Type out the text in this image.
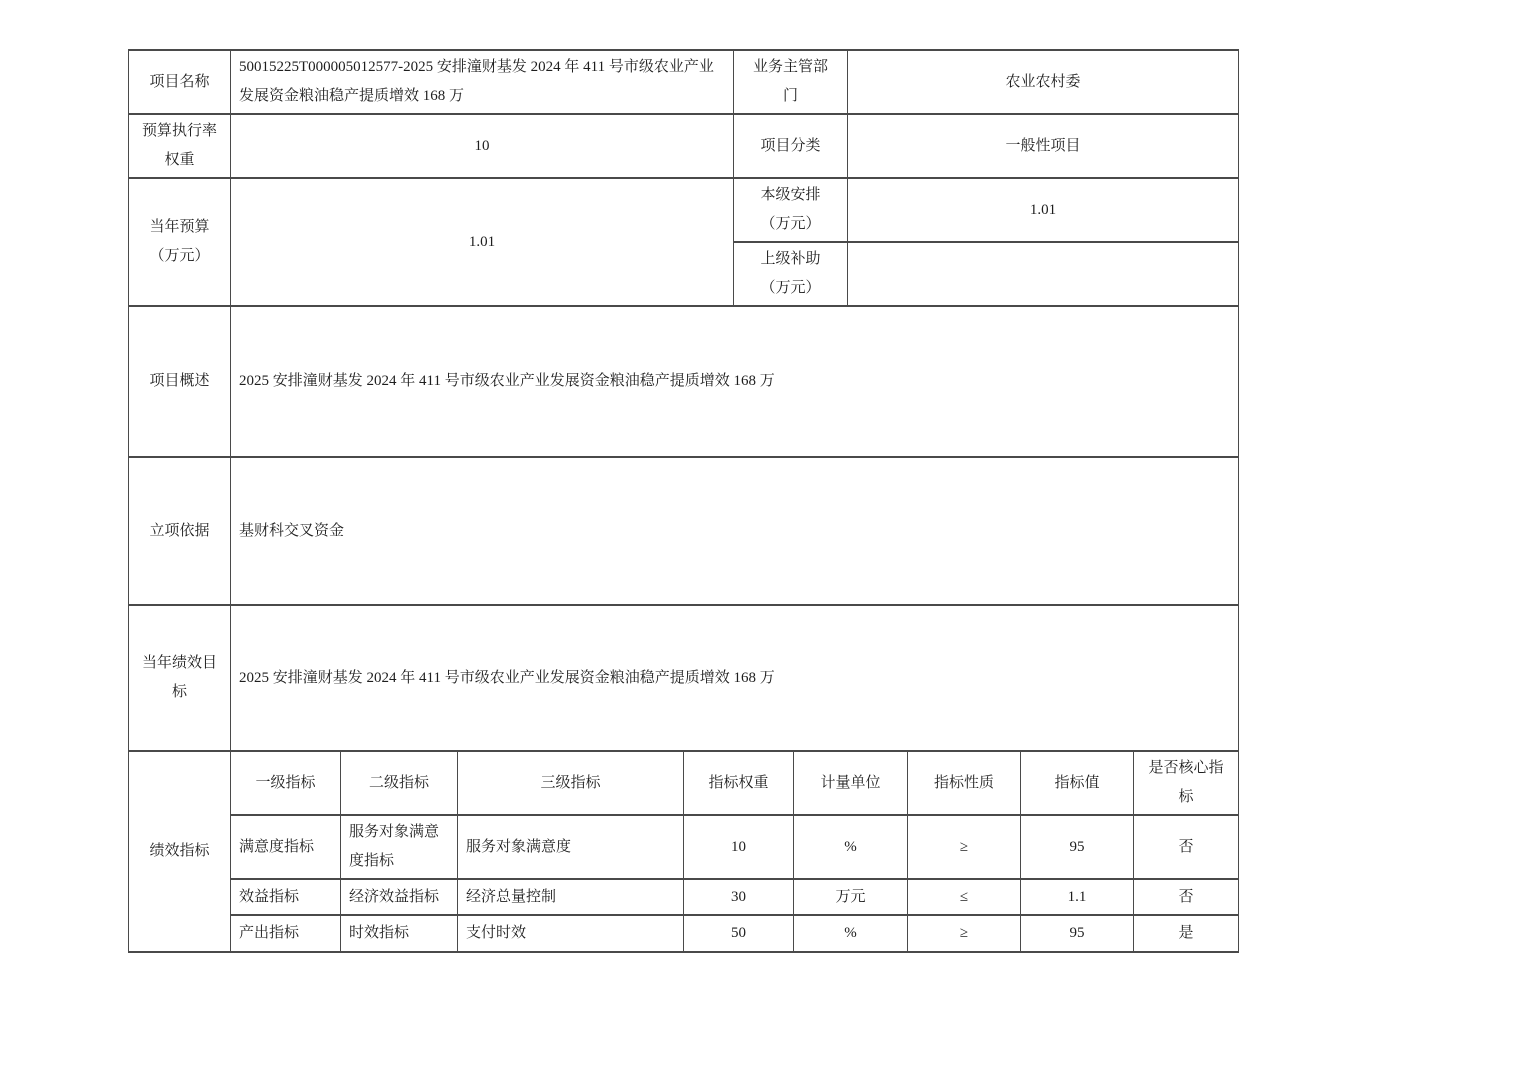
项目名称	50015225T000005012577-2025 安排潼财基发 2024 年 411 号市级农业产业发展资金粮油稳产提质增效 168 万	业务主管部门	农业农村委
预算执行率权重	10	项目分类	一般性项目
当年预算（万元）	1.01	本级安排（万元）	1.01
		上级补助（万元）	
项目概述	2025 安排潼财基发 2024 年 411 号市级农业产业发展资金粮油稳产提质增效 168 万		
立项依据	基财科交叉资金		
当年绩效目标	2025 安排潼财基发 2024 年 411 号市级农业产业发展资金粮油稳产提质增效 168 万		
绩效指标	一级指标	二级指标	三级指标	指标权重	计量单位	指标性质	指标值	是否核心指标
	满意度指标	服务对象满意度指标	服务对象满意度	10	%	≥	95	否
	效益指标	经济效益指标	经济总量控制	30	万元	≤	1.1	否
	产出指标	时效指标	支付时效	50	%	≥	95	是
